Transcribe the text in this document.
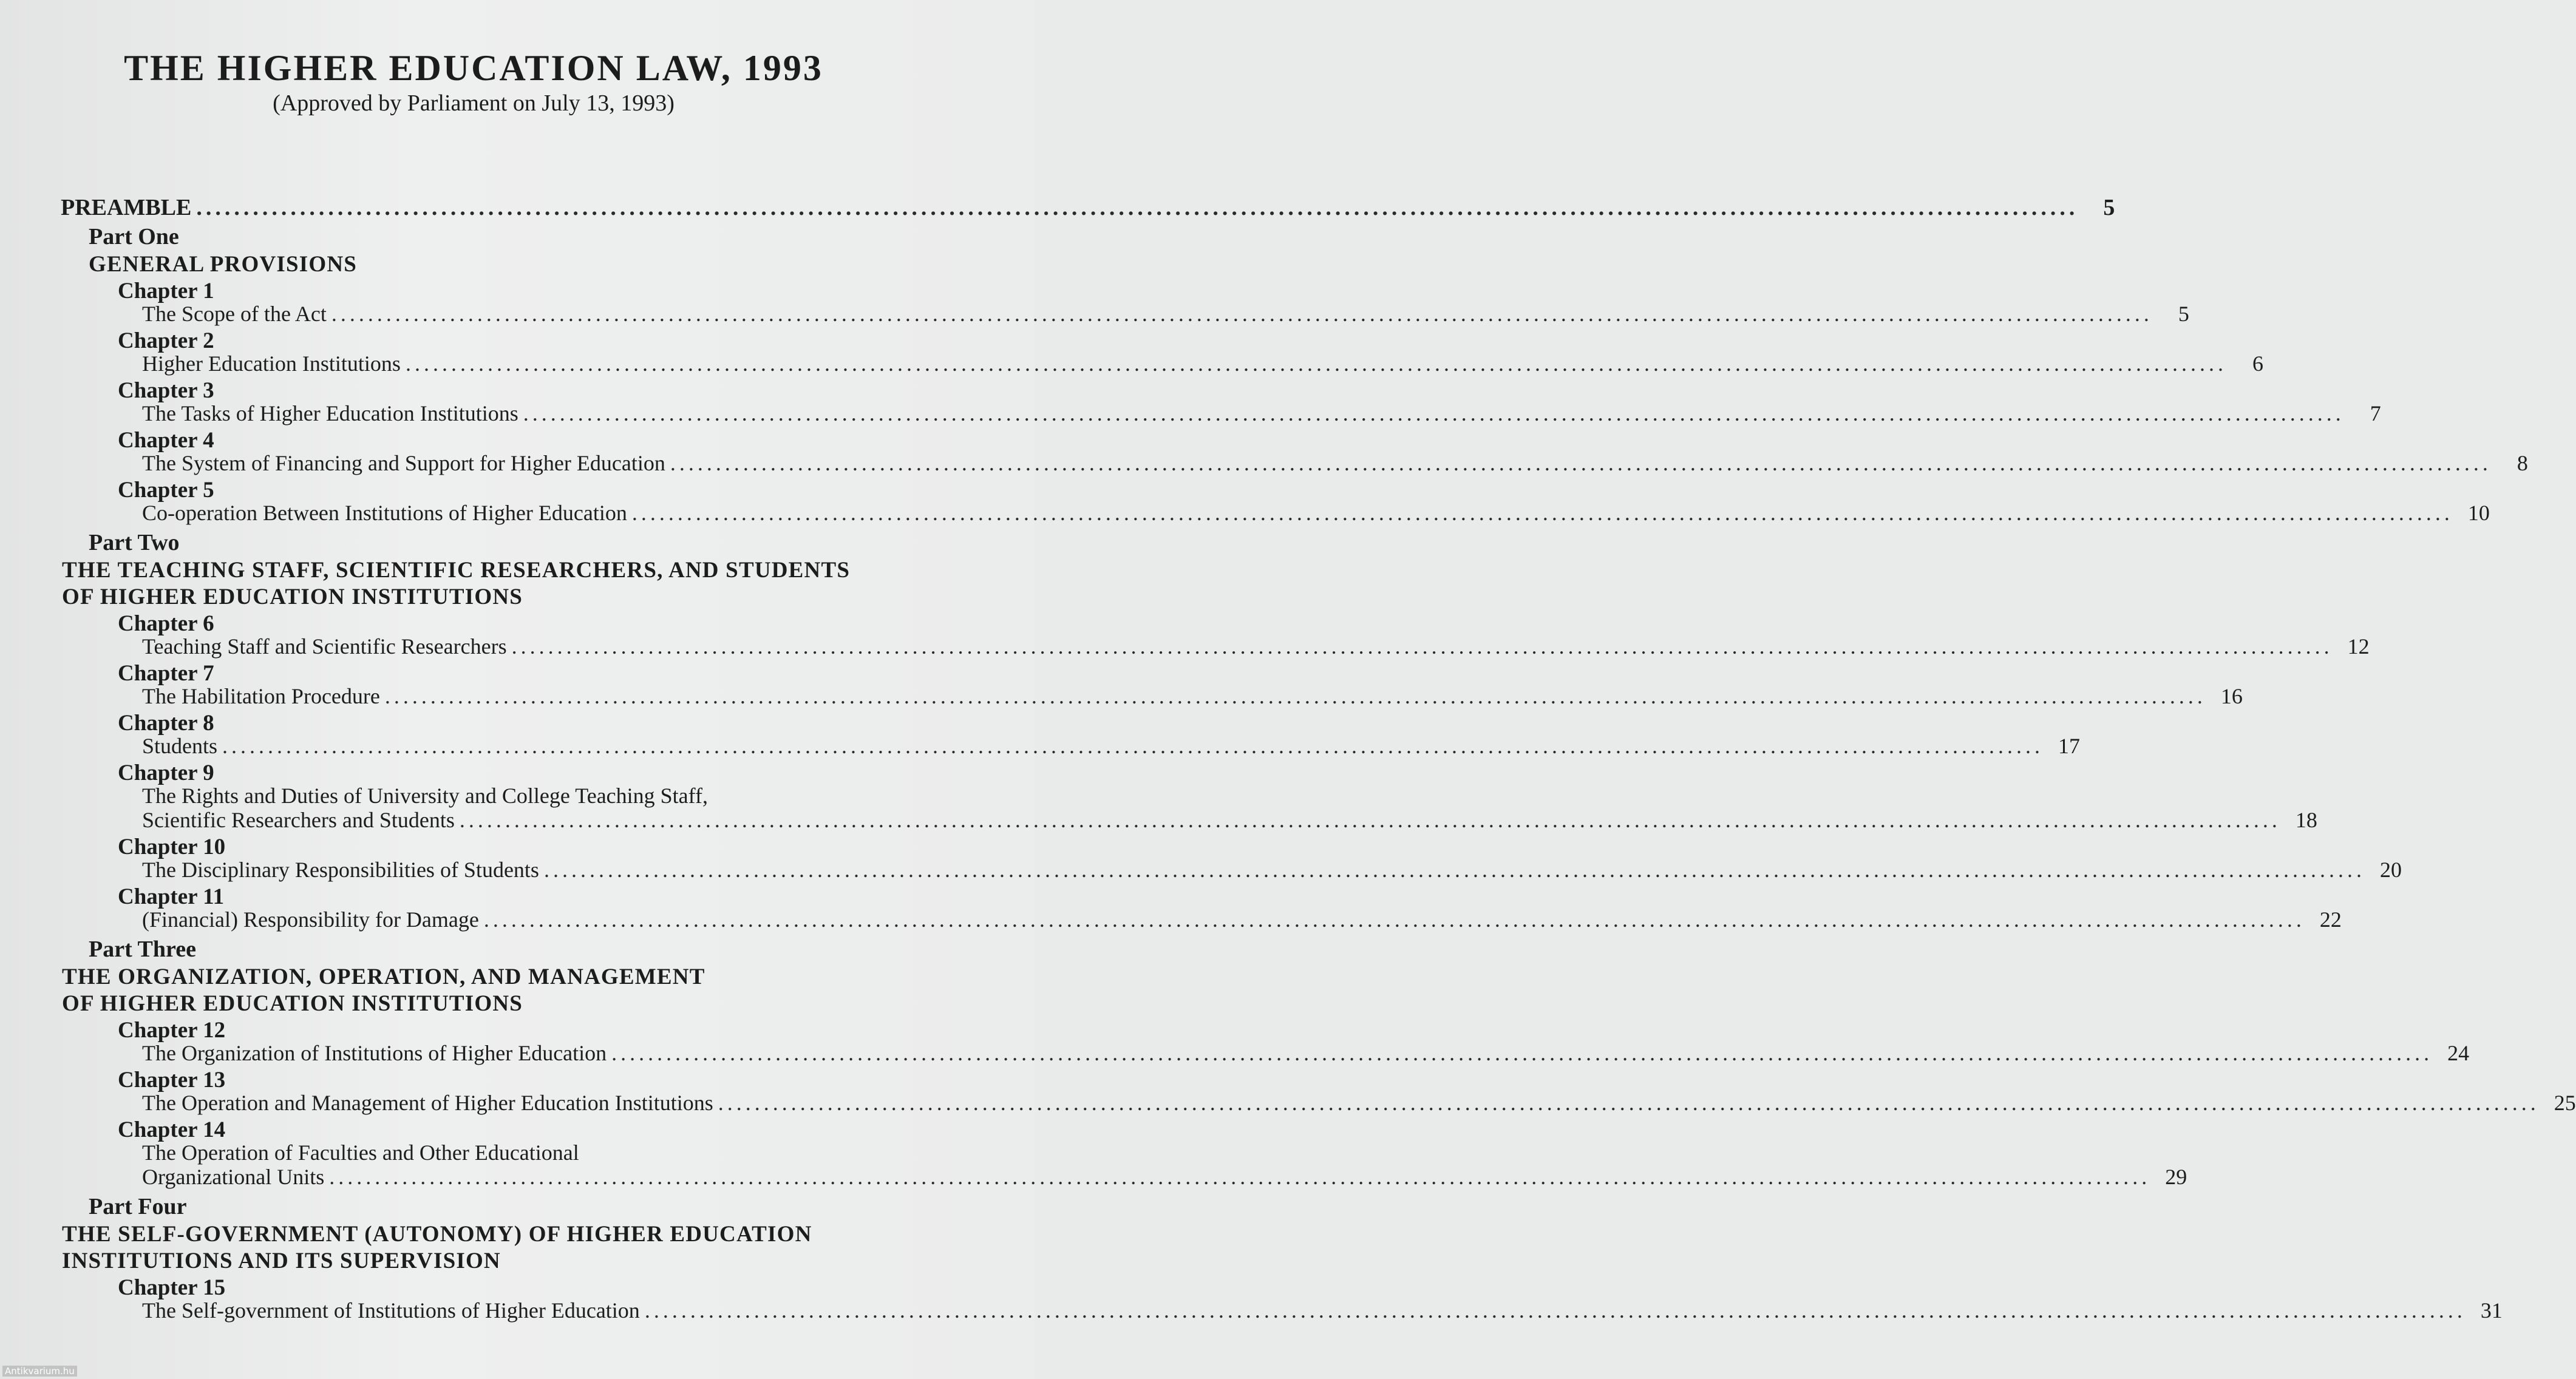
THE HIGHER EDUCATION LAW, 1993
(Approved by Parliament on July 13, 1993)
PREAMBLE ........................................................................................................................................................................................................	5
Part One
GENERAL PROVISIONS
Chapter 1
The Scope of the Act ........................................................................................................................................................................................................	5
Chapter 2
Higher Education Institutions ........................................................................................................................................................................................................	6
Chapter 3
The Tasks of Higher Education Institutions ........................................................................................................................................................................................................	7
Chapter 4
The System of Financing and Support for Higher Education ........................................................................................................................................................................................................	8
Chapter 5
Co-operation Between Institutions of Higher Education ........................................................................................................................................................................................................ 10
Part Two
THE TEACHING STAFF, SCIENTIFIC RESEARCHERS, AND STUDENTS
OF HIGHER EDUCATION INSTITUTIONS
Chapter 6
Teaching Staff and Scientific Researchers ........................................................................................................................................................................................................ 12
Chapter 7
The Habilitation Procedure ........................................................................................................................................................................................................ 16
Chapter 8
Students ........................................................................................................................................................................................................ 17
Chapter 9
The Rights and Duties of University and College Teaching Staff,
Scientific Researchers and Students ........................................................................................................................................................................................................ 18
Chapter 10
The Disciplinary Responsibilities of Students ........................................................................................................................................................................................................ 20
Chapter 11
(Financial) Responsibility for Damage ........................................................................................................................................................................................................ 22
Part Three
THE ORGANIZATION, OPERATION, AND MANAGEMENT
OF HIGHER EDUCATION INSTITUTIONS
Chapter 12
The Organization of Institutions of Higher Education ........................................................................................................................................................................................................ 24
Chapter 13
The Operation and Management of Higher Education Institutions ........................................................................................................................................................................................................ 25
Chapter 14
The Operation of Faculties and Other Educational
Organizational Units ........................................................................................................................................................................................................ 29
Part Four
THE SELF-GOVERNMENT (AUTONOMY) OF HIGHER EDUCATION
INSTITUTIONS AND ITS SUPERVISION
Chapter 15
The Self-government of Institutions of Higher Education ........................................................................................................................................................................................................ 31
Antikvarium.hu
